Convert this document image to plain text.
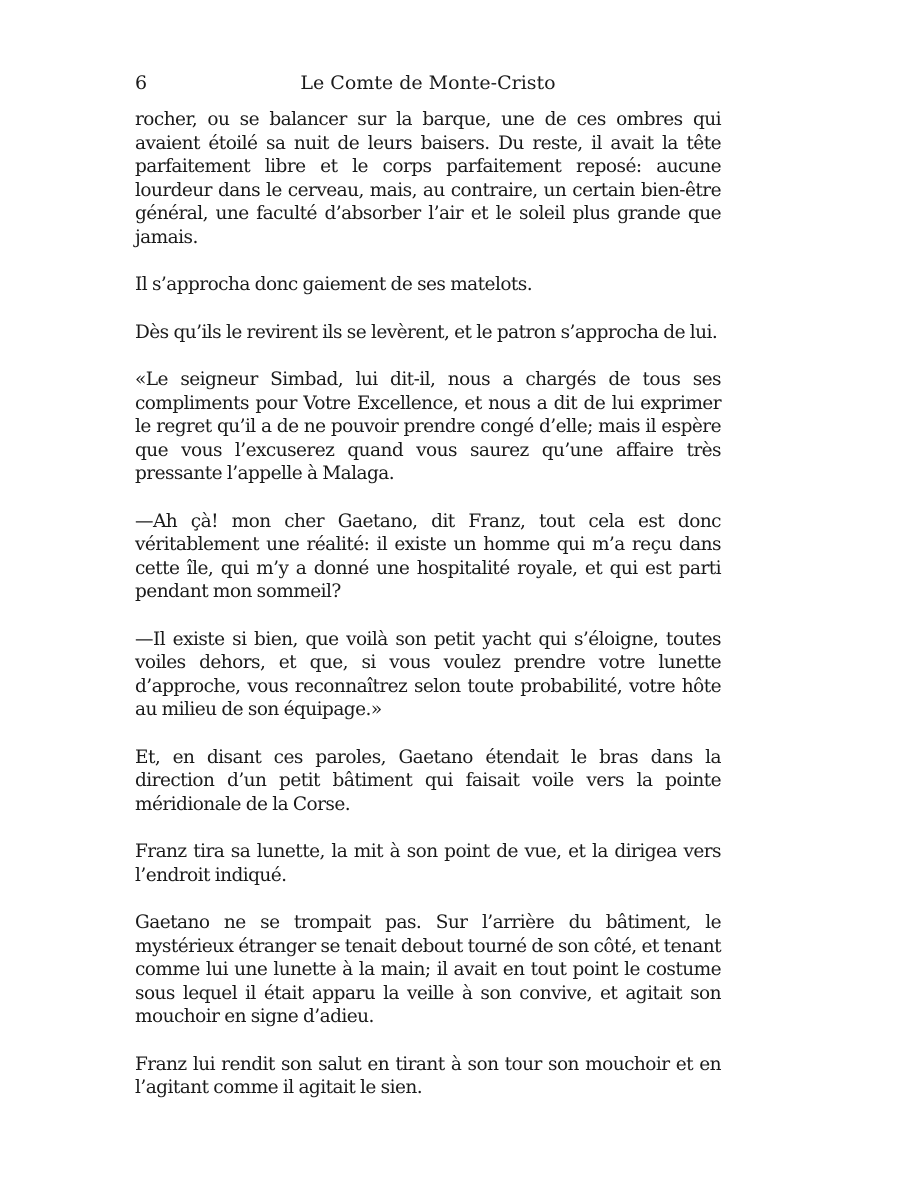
6	Le Comte de Monte-Cristo

rocher, ou se balancer sur la barque, une de ces ombres qui avaient étoilé sa nuit de leurs baisers. Du reste, il avait la tête parfaitement libre et le corps parfaitement reposé: aucune lourdeur dans le cerveau, mais, au contraire, un certain bien-être général, une faculté d’absorber l’air et le soleil plus grande que jamais.

Il s’approcha donc gaiement de ses matelots.

Dès qu’ils le revirent ils se levèrent, et le patron s’approcha de lui.

«Le seigneur Simbad, lui dit-il, nous a chargés de tous ses compliments pour Votre Excellence, et nous a dit de lui exprimer le regret qu’il a de ne pouvoir prendre congé d’elle; mais il espère que vous l’excuserez quand vous saurez qu’une affaire très pressante l’appelle à Malaga.

—Ah çà! mon cher Gaetano, dit Franz, tout cela est donc véritablement une réalité: il existe un homme qui m’a reçu dans cette île, qui m’y a donné une hospitalité royale, et qui est parti pendant mon sommeil?

—Il existe si bien, que voilà son petit yacht qui s’éloigne, toutes voiles dehors, et que, si vous voulez prendre votre lunette d’approche, vous reconnaîtrez selon toute probabilité, votre hôte au milieu de son équipage.»

Et, en disant ces paroles, Gaetano étendait le bras dans la direction d’un petit bâtiment qui faisait voile vers la pointe méridionale de la Corse.

Franz tira sa lunette, la mit à son point de vue, et la dirigea vers l’endroit indiqué.

Gaetano ne se trompait pas. Sur l’arrière du bâtiment, le mystérieux étranger se tenait debout tourné de son côté, et tenant comme lui une lunette à la main; il avait en tout point le costume sous lequel il était apparu la veille à son convive, et agitait son mouchoir en signe d’adieu.

Franz lui rendit son salut en tirant à son tour son mouchoir et en l’agitant comme il agitait le sien.
